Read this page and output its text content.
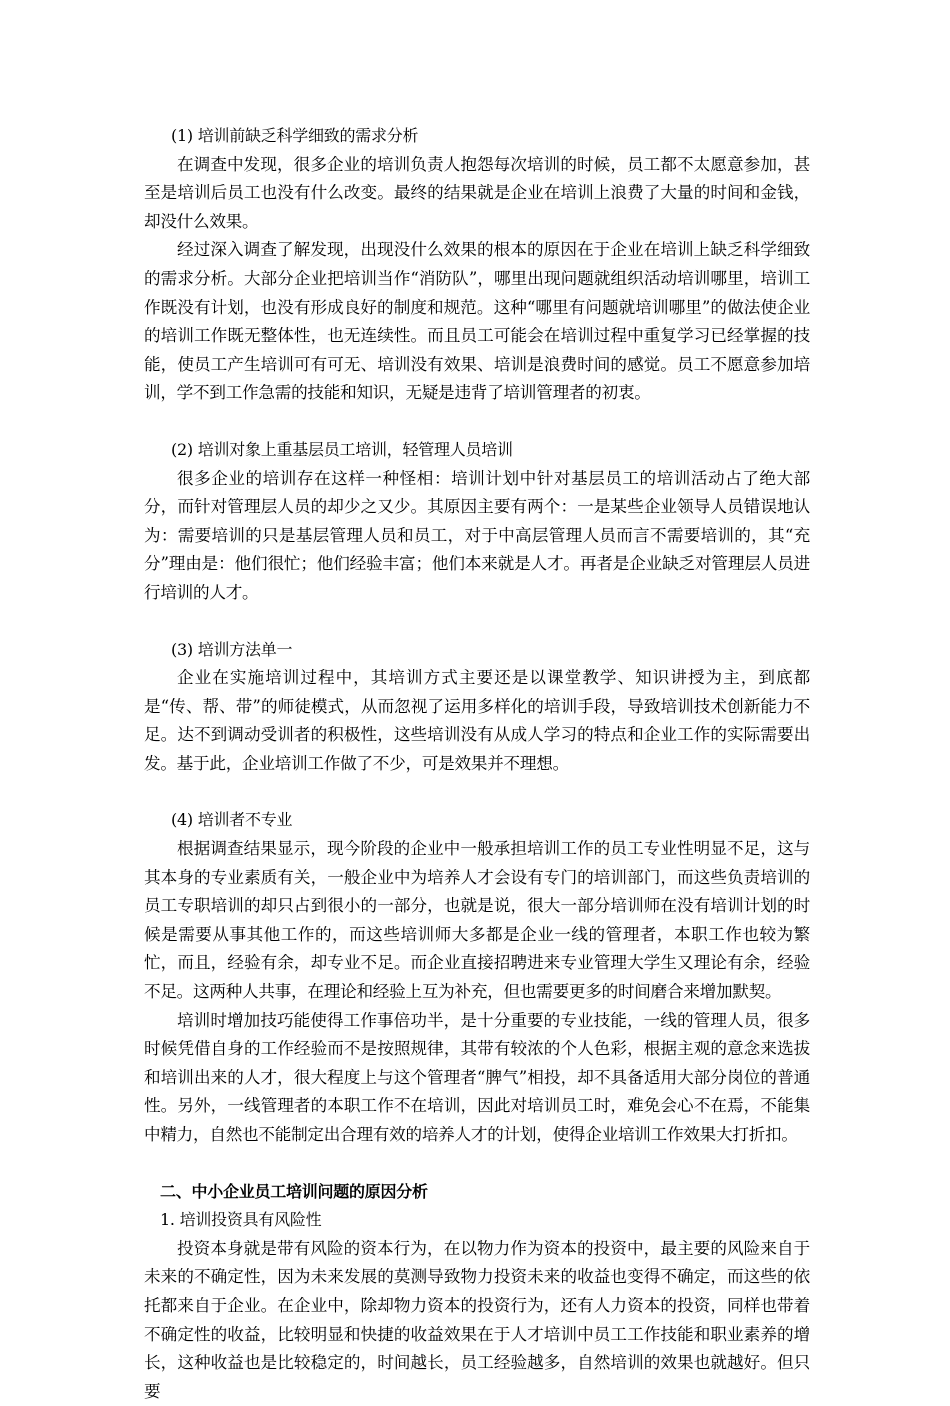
(1) 培训前缺乏科学细致的需求分析

在调查中发现，很多企业的培训负责人抱怨每次培训的时候，员工都不太愿意参加，甚至是培训后员工也没有什么改变。最终的结果就是企业在培训上浪费了大量的时间和金钱，却没什么效果。

经过深入调查了解发现，出现没什么效果的根本的原因在于企业在培训上缺乏科学细致的需求分析。大部分企业把培训当作“消防队”，哪里出现问题就组织活动培训哪里，培训工作既没有计划，也没有形成良好的制度和规范。这种“哪里有问题就培训哪里”的做法使企业的培训工作既无整体性，也无连续性。而且员工可能会在培训过程中重复学习已经掌握的技能，使员工产生培训可有可无、培训没有效果、培训是浪费时间的感觉。员工不愿意参加培训，学不到工作急需的技能和知识，无疑是违背了培训管理者的初衷。

(2) 培训对象上重基层员工培训，轻管理人员培训

很多企业的培训存在这样一种怪相：培训计划中针对基层员工的培训活动占了绝大部分，而针对管理层人员的却少之又少。其原因主要有两个：一是某些企业领导人员错误地认为：需要培训的只是基层管理人员和员工，对于中高层管理人员而言不需要培训的，其“充分”理由是：他们很忙；他们经验丰富；他们本来就是人才。再者是企业缺乏对管理层人员进行培训的人才。

(3) 培训方法单一

企业在实施培训过程中，其培训方式主要还是以课堂教学、知识讲授为主，到底都是“传、帮、带”的师徒模式，从而忽视了运用多样化的培训手段，导致培训技术创新能力不足。达不到调动受训者的积极性，这些培训没有从成人学习的特点和企业工作的实际需要出发。基于此，企业培训工作做了不少，可是效果并不理想。

(4) 培训者不专业

根据调查结果显示，现今阶段的企业中一般承担培训工作的员工专业性明显不足，这与其本身的专业素质有关，一般企业中为培养人才会设有专门的培训部门，而这些负责培训的员工专职培训的却只占到很小的一部分，也就是说，很大一部分培训师在没有培训计划的时候是需要从事其他工作的，而这些培训师大多都是企业一线的管理者，本职工作也较为繁忙，而且，经验有余，却专业不足。而企业直接招聘进来专业管理大学生又理论有余，经验不足。这两种人共事，在理论和经验上互为补充，但也需要更多的时间磨合来增加默契。

培训时增加技巧能使得工作事倍功半，是十分重要的专业技能，一线的管理人员，很多时候凭借自身的工作经验而不是按照规律，其带有较浓的个人色彩，根据主观的意念来选拔和培训出来的人才，很大程度上与这个管理者“脾气”相投，却不具备适用大部分岗位的普通性。另外，一线管理者的本职工作不在培训，因此对培训员工时，难免会心不在焉，不能集中精力，自然也不能制定出合理有效的培养人才的计划，使得企业培训工作效果大打折扣。

二、中小企业员工培训问题的原因分析

1. 培训投资具有风险性

投资本身就是带有风险的资本行为，在以物力作为资本的投资中，最主要的风险来自于未来的不确定性，因为未来发展的莫测导致物力投资未来的收益也变得不确定，而这些的依托都来自于企业。在企业中，除却物力资本的投资行为，还有人力资本的投资，同样也带着不确定性的收益，比较明显和快捷的收益效果在于人才培训中员工工作技能和职业素养的增长，这种收益也是比较稳定的，时间越长，员工经验越多，自然培训的效果也就越好。但只要
